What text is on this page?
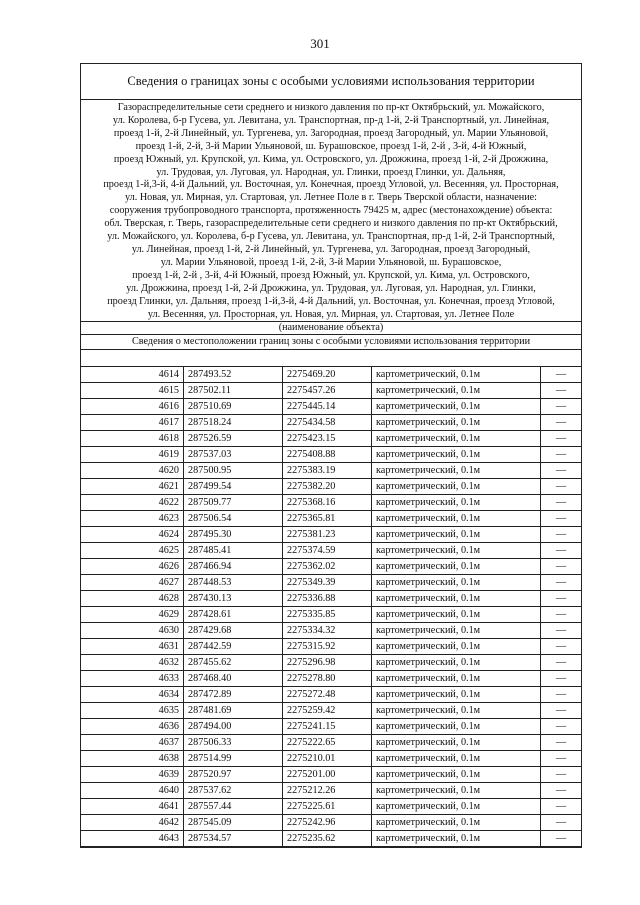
301
Сведения о границах зоны с особыми условиями использования территории
Газораспределительные сети среднего и низкого давления по пр-кт Октябрьский, ул. Можайского,
ул. Королева, б-р Гусева, ул. Левитана, ул. Транспортная, пр-д 1-й, 2-й Транспортный, ул. Линейная,
проезд 1-й, 2-й Линейный, ул. Тургенева, ул. Загородная, проезд Загородный, ул. Марии Ульяновой,
проезд 1-й, 2-й, 3-й Марии Ульяновой, ш. Бурашовское, проезд 1-й, 2-й , 3-й, 4-й Южный,
проезд Южный, ул. Крупской, ул. Кима, ул. Островского, ул. Дрожжина, проезд 1-й, 2-й Дрожжина,
ул. Трудовая, ул. Луговая, ул. Народная, ул. Глинки, проезд Глинки, ул. Дальняя,
проезд 1-й,3-й, 4-й Дальний, ул. Восточная, ул. Конечная, проезд Угловой, ул. Весенняя, ул. Просторная,
ул. Новая, ул. Мирная, ул. Стартовая, ул. Летнее Поле в г. Тверь Тверской области, назначение:
сооружения трубопроводного транспорта, протяженность 79425 м, адрес (местонахождение) объекта:
обл. Тверская, г. Тверь, газораспределительные сети среднего и низкого давления по пр-кт Октябрьский,
ул. Можайского, ул. Королева, б-р Гусева, ул. Левитана, ул. Транспортная, пр-д 1-й, 2-й Транспортный,
ул. Линейная, проезд 1-й, 2-й Линейный, ул. Тургенева, ул. Загородная, проезд Загородный,
ул. Марии Ульяновой, проезд 1-й, 2-й, 3-й Марии Ульяновой, ш. Бурашовское,
проезд 1-й, 2-й , 3-й, 4-й Южный, проезд Южный, ул. Крупской, ул. Кима, ул. Островского,
ул. Дрожжина, проезд 1-й, 2-й Дрожжина, ул. Трудовая, ул. Луговая, ул. Народная, ул. Глинки,
проезд Глинки, ул. Дальняя, проезд 1-й,3-й, 4-й Дальний, ул. Восточная, ул. Конечная, проезд Угловой,
ул. Весенняя, ул. Просторная, ул. Новая, ул. Мирная, ул. Стартовая, ул. Летнее Поле
(наименование объекта)
Сведения о местоположении границ зоны с особыми условиями использования территории
4614	287493.52	2275469.20	картометрический, 0.1м	—
4615	287502.11	2275457.26	картометрический, 0.1м	—
4616	287510.69	2275445.14	картометрический, 0.1м	—
4617	287518.24	2275434.58	картометрический, 0.1м	—
4618	287526.59	2275423.15	картометрический, 0.1м	—
4619	287537.03	2275408.88	картометрический, 0.1м	—
4620	287500.95	2275383.19	картометрический, 0.1м	—
4621	287499.54	2275382.20	картометрический, 0.1м	—
4622	287509.77	2275368.16	картометрический, 0.1м	—
4623	287506.54	2275365.81	картометрический, 0.1м	—
4624	287495.30	2275381.23	картометрический, 0.1м	—
4625	287485.41	2275374.59	картометрический, 0.1м	—
4626	287466.94	2275362.02	картометрический, 0.1м	—
4627	287448.53	2275349.39	картометрический, 0.1м	—
4628	287430.13	2275336.88	картометрический, 0.1м	—
4629	287428.61	2275335.85	картометрический, 0.1м	—
4630	287429.68	2275334.32	картометрический, 0.1м	—
4631	287442.59	2275315.92	картометрический, 0.1м	—
4632	287455.62	2275296.98	картометрический, 0.1м	—
4633	287468.40	2275278.80	картометрический, 0.1м	—
4634	287472.89	2275272.48	картометрический, 0.1м	—
4635	287481.69	2275259.42	картометрический, 0.1м	—
4636	287494.00	2275241.15	картометрический, 0.1м	—
4637	287506.33	2275222.65	картометрический, 0.1м	—
4638	287514.99	2275210.01	картометрический, 0.1м	—
4639	287520.97	2275201.00	картометрический, 0.1м	—
4640	287537.62	2275212.26	картометрический, 0.1м	—
4641	287557.44	2275225.61	картометрический, 0.1м	—
4642	287545.09	2275242.96	картометрический, 0.1м	—
4643	287534.57	2275235.62	картометрический, 0.1м	—
